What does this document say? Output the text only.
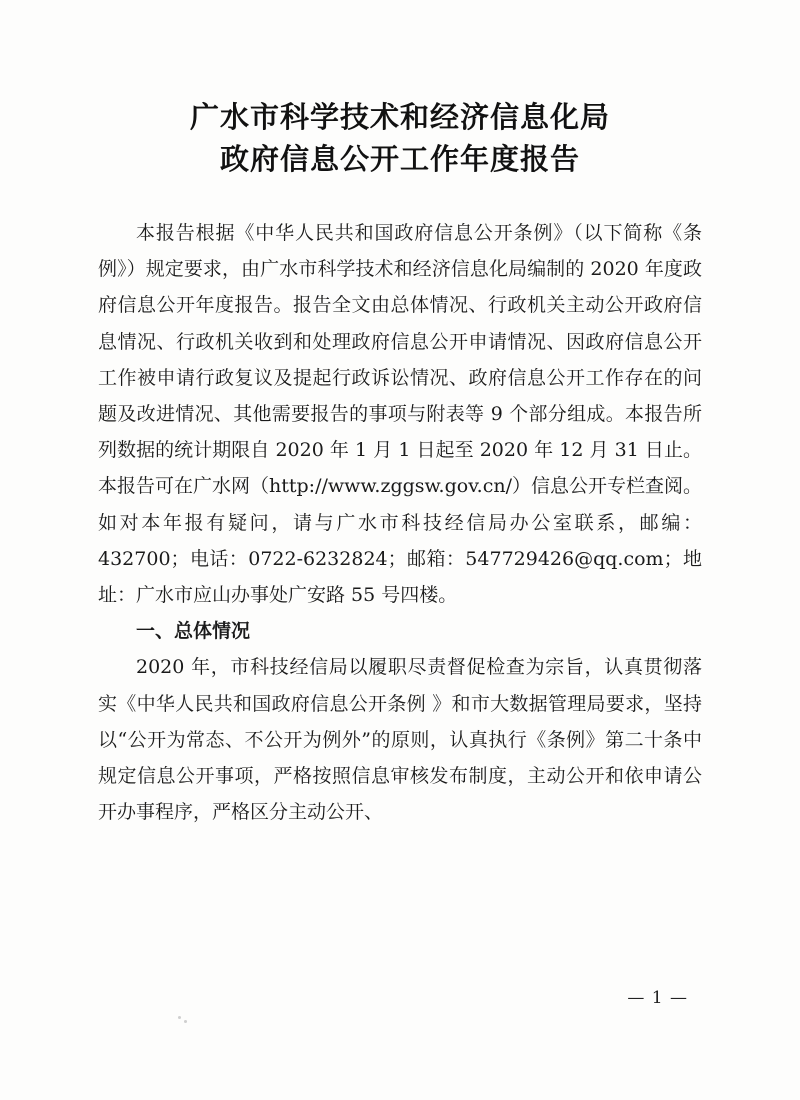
广水市科学技术和经济信息化局
政府信息公开工作年度报告

本报告根据《中华人民共和国政府信息公开条例》（以下简称《条例》）规定要求，由广水市科学技术和经济信息化局编制的 2020 年度政府信息公开年度报告。报告全文由总体情况、行政机关主动公开政府信息情况、行政机关收到和处理政府信息公开申请情况、因政府信息公开工作被申请行政复议及提起行政诉讼情况、政府信息公开工作存在的问题及改进情况、其他需要报告的事项与附表等 9 个部分组成。本报告所列数据的统计期限自 2020 年 1 月 1 日起至 2020 年 12 月 31 日止。本报告可在广水网（http://www.zggsw.gov.cn/）信息公开专栏查阅。如对本年报有疑问，请与广水市科技经信局办公室联系，邮编：432700；电话：0722-6232824；邮箱：547729426@qq.com；地址：广水市应山办事处广安路 55 号四楼。

一、总体情况

2020 年，市科技经信局以履职尽责督促检查为宗旨，认真贯彻落实《中华人民共和国政府信息公开条例 》和市大数据管理局要求，坚持以“公开为常态、不公开为例外”的原则，认真执行《条例》第二十条中规定信息公开事项，严格按照信息审核发布制度，主动公开和依申请公开办事程序，严格区分主动公开、

— 1 —
